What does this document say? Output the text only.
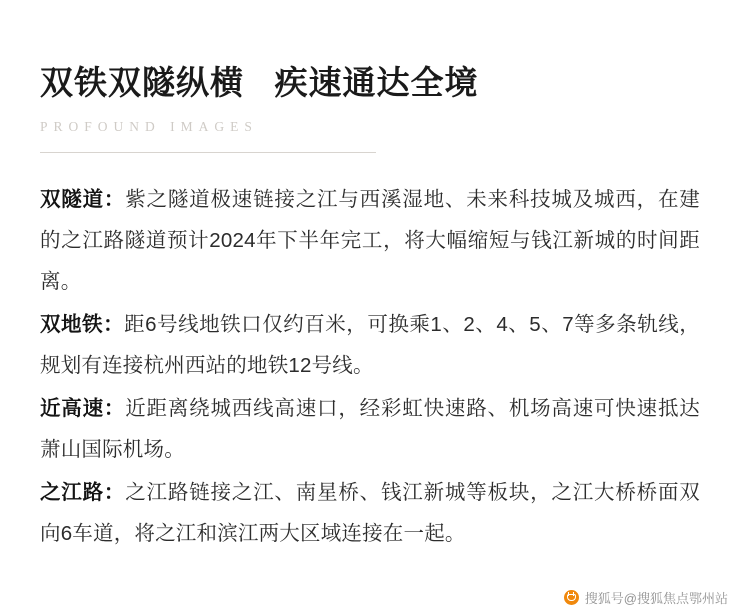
双铁双隧纵横   疾速通达全境
PROFOUND IMAGES

双隧道：紫之隧道极速链接之江与西溪湿地、未来科技城及城西，在建的之江路隧道预计2024年下半年完工，将大幅缩短与钱江新城的时间距离。

双地铁：距6号线地铁口仅约百米，可换乘1、2、4、5、7等多条轨线，规划有连接杭州西站的地铁12号线。

近高速：近距离绕城西线高速口，经彩虹快速路、机场高速可快速抵达萧山国际机场。

之江路：之江路链接之江、南星桥、钱江新城等板块，之江大桥桥面双向6车道，将之江和滨江两大区域连接在一起。

搜狐号@搜狐焦点鄂州站
